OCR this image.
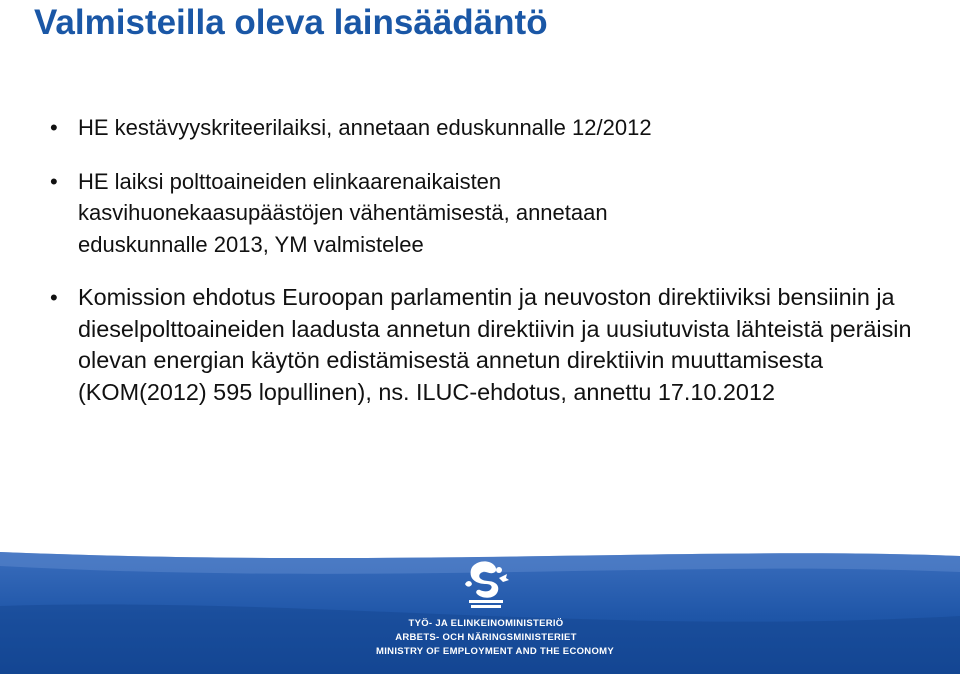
Valmisteilla oleva lainsäädäntö
• HE kestävyyskriteerilaiksi, annetaan eduskunnalle 12/2012
• HE laiksi polttoaineiden elinkaarenaikaisten kasvihuonekaasupäästöjen vähentämisestä, annetaan eduskunnalle 2013, YM valmistelee
• Komission ehdotus Euroopan parlamentin ja neuvoston direktiiviksi bensiinin ja dieselpolttoaineiden laadusta annetun direktiivin ja uusiutuvista lähteistä peräisin olevan energian käytön edistämisestä annetun direktiivin muuttamisesta (KOM(2012) 595 lopullinen), ns. ILUC-ehdotus, annettu 17.10.2012
TYÖ- JA ELINKEINOMINISTERIÖ
ARBETS- OCH NÄRINGSMINISTERIET
MINISTRY OF EMPLOYMENT AND THE ECONOMY
